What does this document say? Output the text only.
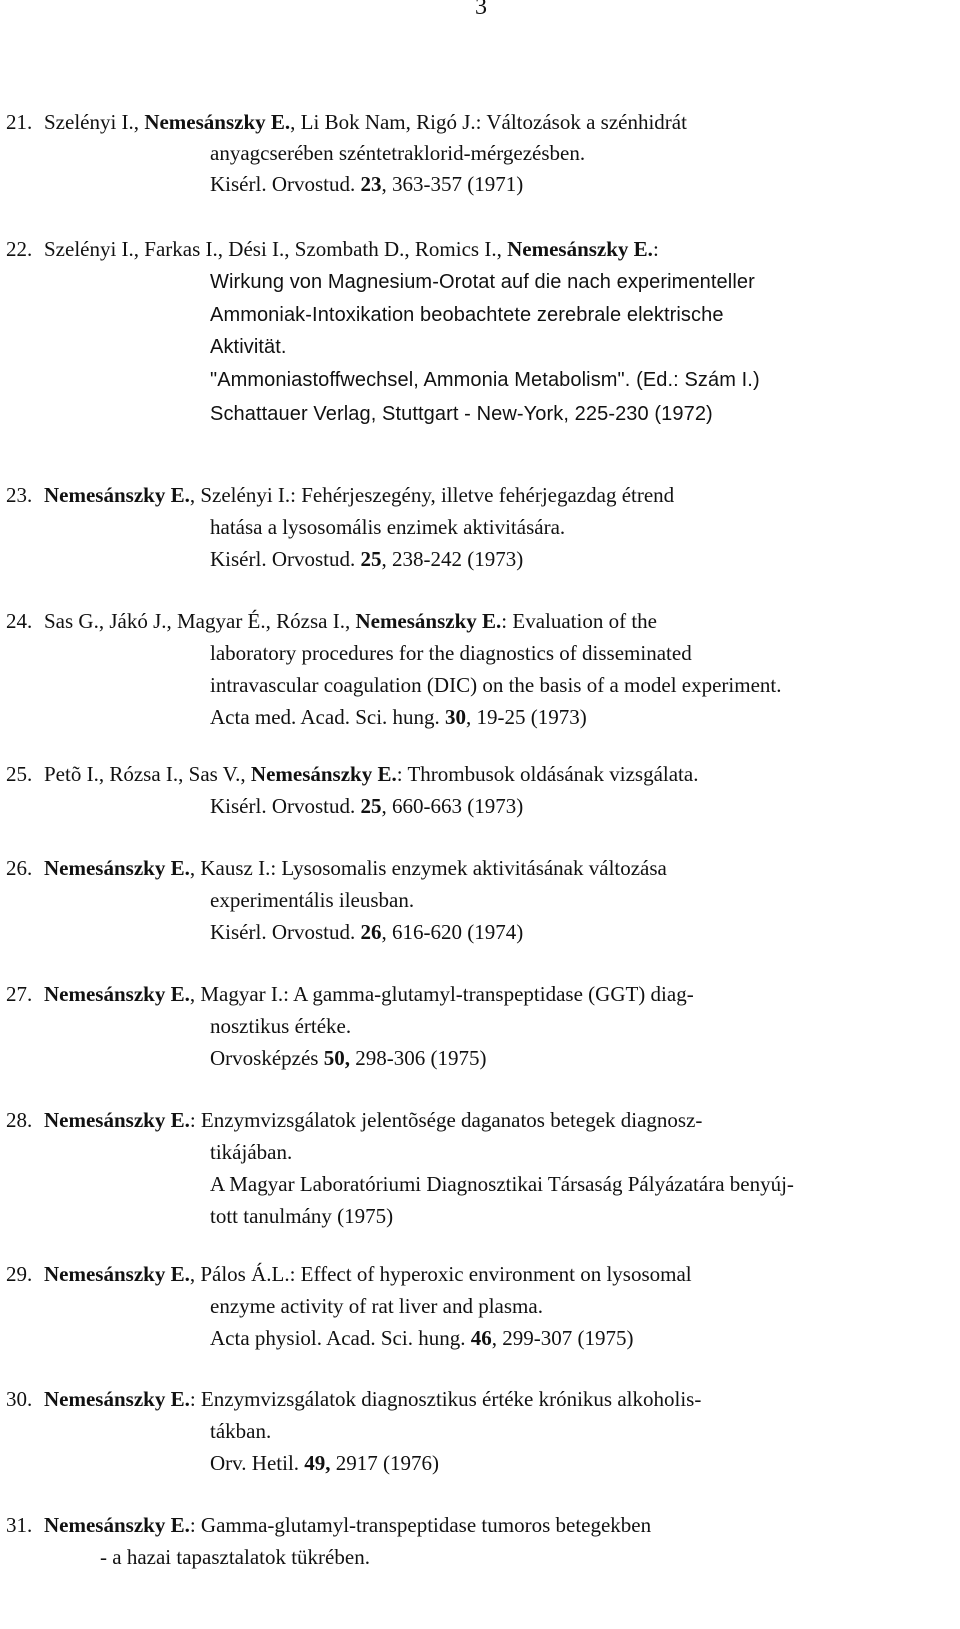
3
21. Szelényi I., Nemesánszky E., Li Bok Nam, Rigó J.: Változások a szénhidrát
anyagcserében széntetraklorid-mérgezésben.
Kisérl. Orvostud. 23, 363-357 (1971)
22. Szelényi I., Farkas I., Dési I., Szombath D., Romics I., Nemesánszky E.:
Wirkung von Magnesium-Orotat auf die nach experimenteller
Ammoniak-Intoxikation beobachtete zerebrale elektrische
Aktivität.
"Ammoniastoffwechsel, Ammonia Metabolism". (Ed.: Szám I.)
Schattauer Verlag, Stuttgart - New-York, 225-230 (1972)
23. Nemesánszky E., Szelényi I.: Fehérjeszegény, illetve fehérjegazdag étrend
hatása a lysosomális enzimek aktivitására.
Kisérl. Orvostud. 25, 238-242 (1973)
24. Sas G., Jákó J., Magyar É., Rózsa I., Nemesánszky E.: Evaluation of the
laboratory procedures for the diagnostics of disseminated
intravascular coagulation (DIC) on the basis of a model experiment.
Acta med. Acad. Sci. hung. 30, 19-25 (1973)
25. Petõ I., Rózsa I., Sas V., Nemesánszky E.: Thrombusok oldásának vizsgálata.
Kisérl. Orvostud. 25, 660-663 (1973)
26. Nemesánszky E., Kausz I.: Lysosomalis enzymek aktivitásának változása
experimentális ileusban.
Kisérl. Orvostud. 26, 616-620 (1974)
27. Nemesánszky E., Magyar I.: A gamma-glutamyl-transpeptidase (GGT) diag-
nosztikus értéke.
Orvosképzés 50, 298-306 (1975)
28. Nemesánszky E.: Enzymvizsgálatok jelentõsége daganatos betegek diagnosz-
tikájában.
A Magyar Laboratóriumi Diagnosztikai Társaság Pályázatára benyúj-
tott tanulmány (1975)
29. Nemesánszky E., Pálos Á.L.: Effect of hyperoxic environment on lysosomal
enzyme activity of rat liver and plasma.
Acta physiol. Acad. Sci. hung. 46, 299-307 (1975)
30. Nemesánszky E.: Enzymvizsgálatok diagnosztikus értéke krónikus alkoholis-
tákban.
Orv. Hetil. 49, 2917 (1976)
31. Nemesánszky E.: Gamma-glutamyl-transpeptidase tumoros betegekben
- a hazai tapasztalatok tükrében.
